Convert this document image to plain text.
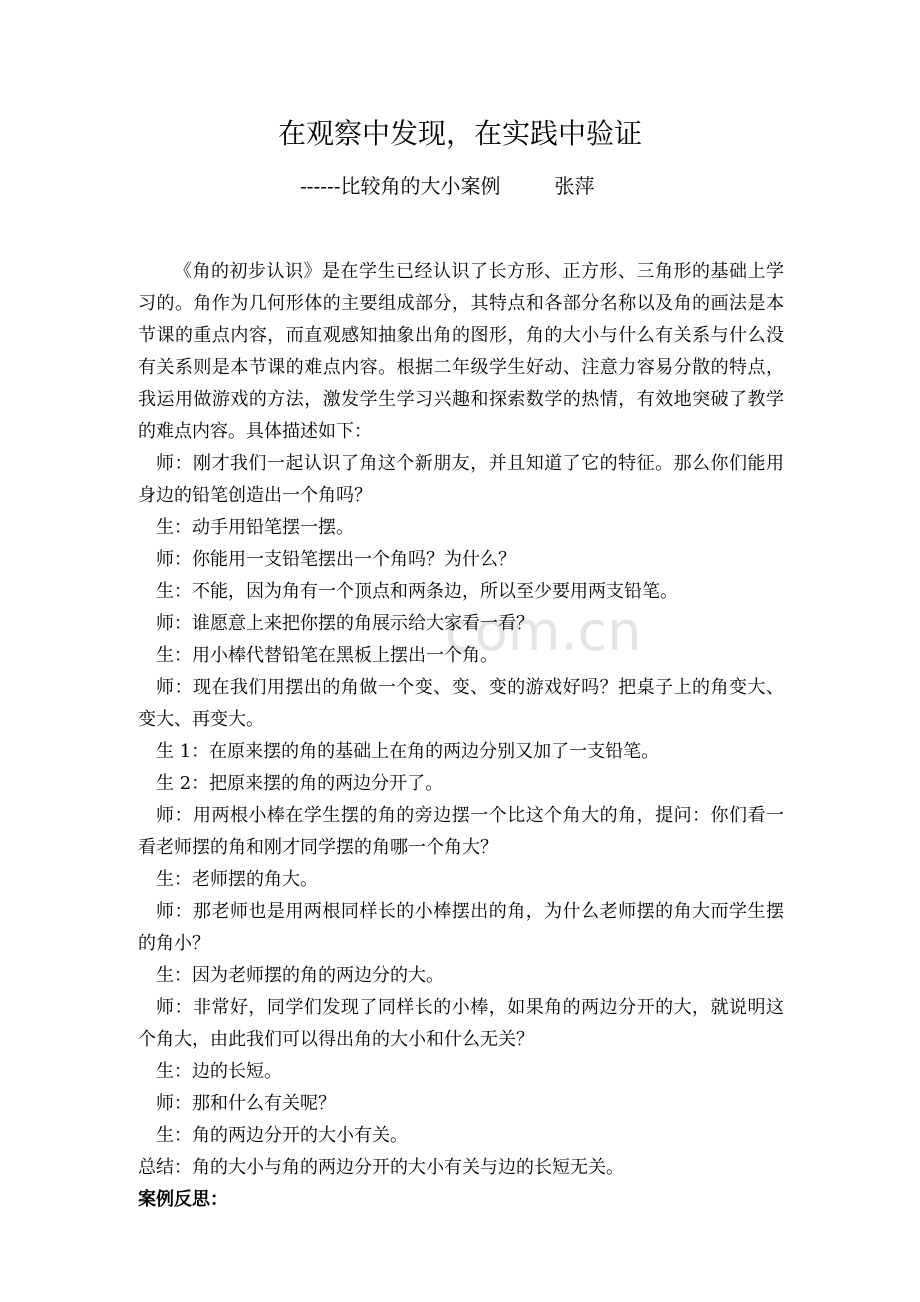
com.cn
在观察中发现，在实践中验证
------比较角的大小案例	张萍

《角的初步认识》是在学生已经认识了长方形、正方形、三角形的基础上学习的。角作为几何形体的主要组成部分，其特点和各部分名称以及角的画法是本节课的重点内容，而直观感知抽象出角的图形，角的大小与什么有关系与什么没有关系则是本节课的难点内容。根据二年级学生好动、注意力容易分散的特点，我运用做游戏的方法，激发学生学习兴趣和探索数学的热情，有效地突破了教学的难点内容。具体描述如下：

师：刚才我们一起认识了角这个新朋友，并且知道了它的特征。那么你们能用身边的铅笔创造出一个角吗？

生：动手用铅笔摆一摆。

师：你能用一支铅笔摆出一个角吗？为什么？

生：不能，因为角有一个顶点和两条边，所以至少要用两支铅笔。

师：谁愿意上来把你摆的角展示给大家看一看？

生：用小棒代替铅笔在黑板上摆出一个角。

师：现在我们用摆出的角做一个变、变、变的游戏好吗？把桌子上的角变大、变大、再变大。

生 1：在原来摆的角的基础上在角的两边分别又加了一支铅笔。

生 2：把原来摆的角的两边分开了。

师：用两根小棒在学生摆的角的旁边摆一个比这个角大的角，提问：你们看一看老师摆的角和刚才同学摆的角哪一个角大？

生：老师摆的角大。

师：那老师也是用两根同样长的小棒摆出的角，为什么老师摆的角大而学生摆的角小？

生：因为老师摆的角的两边分的大。

师：非常好，同学们发现了同样长的小棒，如果角的两边分开的大，就说明这个角大，由此我们可以得出角的大小和什么无关？

生：边的长短。

师：那和什么有关呢？

生：角的两边分开的大小有关。

总结：角的大小与角的两边分开的大小有关与边的长短无关。

案例反思：
